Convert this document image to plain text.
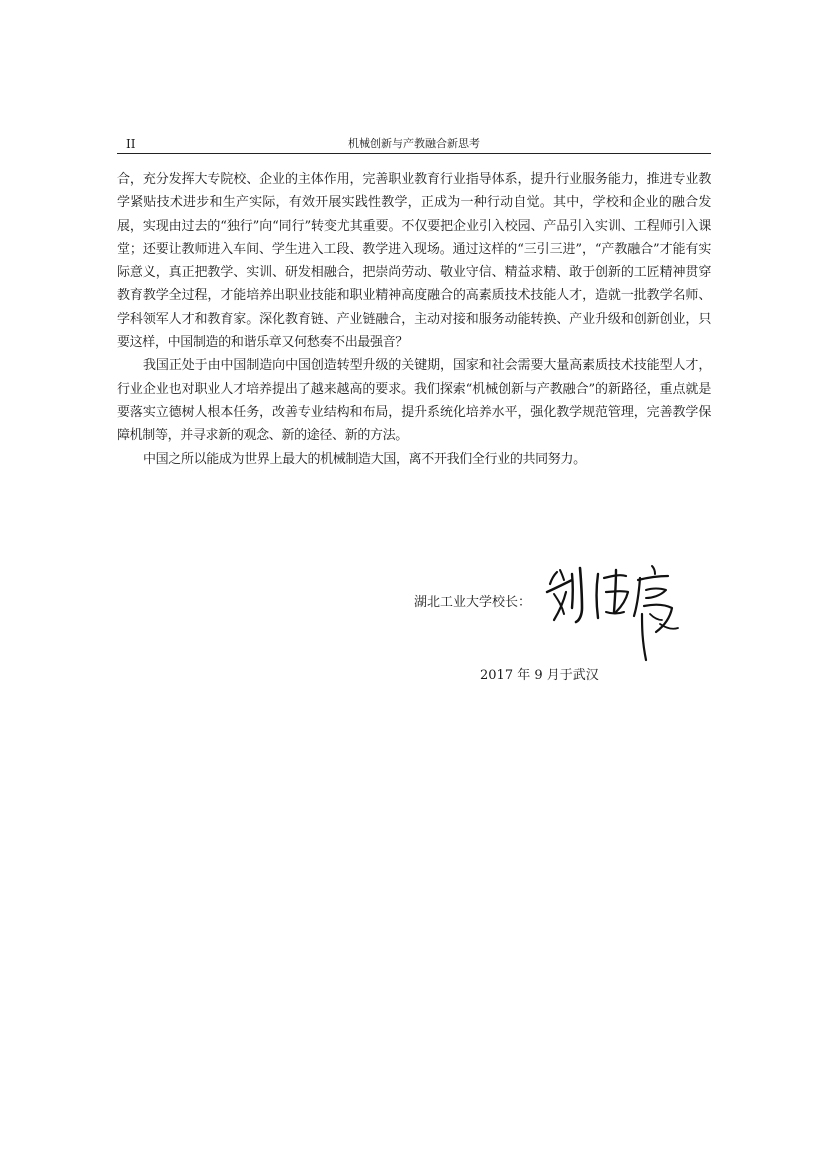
II	机械创新与产教融合新思考

合，充分发挥大专院校、企业的主体作用，完善职业教育行业指导体系，提升行业服务能力，推进专业教学紧贴技术进步和生产实际，有效开展实践性教学，正成为一种行动自觉。其中，学校和企业的融合发展，实现由过去的“独行”向“同行”转变尤其重要。不仅要把企业引入校园、产品引入实训、工程师引入课堂；还要让教师进入车间、学生进入工段、教学进入现场。通过这样的“三引三进”，“产教融合”才能有实际意义，真正把教学、实训、研发相融合，把崇尚劳动、敬业守信、精益求精、敢于创新的工匠精神贯穿教育教学全过程，才能培养出职业技能和职业精神高度融合的高素质技术技能人才，造就一批教学名师、学科领军人才和教育家。深化教育链、产业链融合，主动对接和服务动能转换、产业升级和创新创业，只要这样，中国制造的和谐乐章又何愁奏不出最强音？

我国正处于由中国制造向中国创造转型升级的关键期，国家和社会需要大量高素质技术技能型人才，行业企业也对职业人才培养提出了越来越高的要求。我们探索“机械创新与产教融合”的新路径，重点就是要落实立德树人根本任务，改善专业结构和布局，提升系统化培养水平，强化教学规范管理，完善教学保障机制等，并寻求新的观念、新的途径、新的方法。

中国之所以能成为世界上最大的机械制造大国，离不开我们全行业的共同努力。

湖北工业大学校长：
2017 年 9 月于武汉
